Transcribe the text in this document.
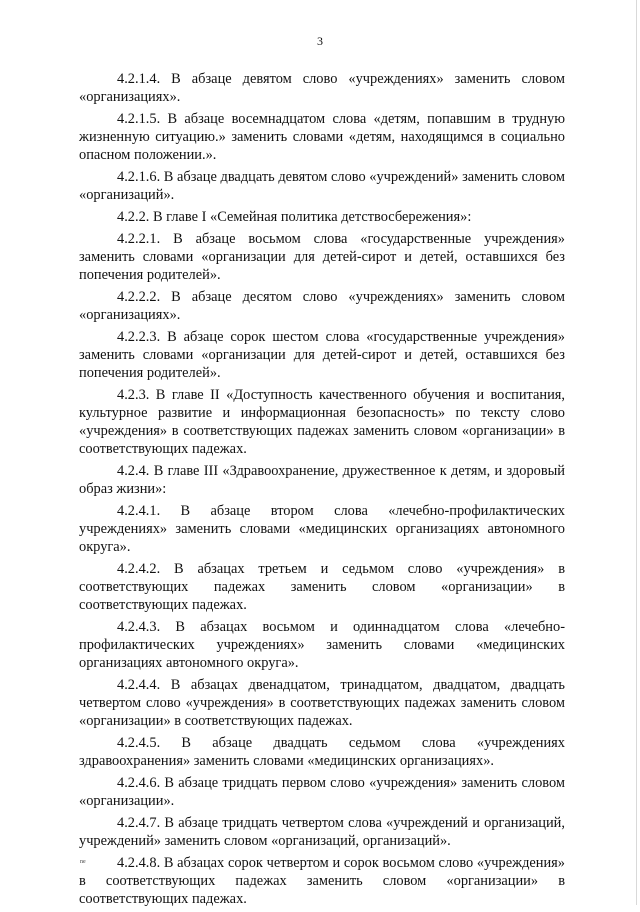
3

4.2.1.4. В абзаце девятом слово «учреждениях» заменить словом «организациях».

4.2.1.5. В абзаце восемнадцатом слова «детям, попавшим в трудную жизненную ситуацию.» заменить словами «детям, находящимся в социально опасном положении.».

4.2.1.6. В абзаце двадцать девятом слово «учреждений» заменить словом «организаций».

4.2.2. В главе I «Семейная политика детствосбережения»:

4.2.2.1. В абзаце восьмом слова «государственные учреждения» заменить словами «организации для детей-сирот и детей, оставшихся без попечения родителей».

4.2.2.2. В абзаце десятом слово «учреждениях» заменить словом «организациях».

4.2.2.3. В абзаце сорок шестом слова «государственные учреждения» заменить словами «организации для детей-сирот и детей, оставшихся без попечения родителей».

4.2.3. В главе II «Доступность качественного обучения и воспитания, культурное развитие и информационная безопасность» по тексту слово «учреждения» в соответствующих падежах заменить словом «организации» в соответствующих падежах.

4.2.4. В главе III «Здравоохранение, дружественное к детям, и здоровый образ жизни»:

4.2.4.1. В абзаце втором слова «лечебно-профилактических учреждениях» заменить словами «медицинских организациях автономного округа».

4.2.4.2. В абзацах третьем и седьмом слово «учреждения» в соответствующих падежах заменить словом «организации» в соответствующих падежах.

4.2.4.3. В абзацах восьмом и одиннадцатом слова «лечебно-профилактических учреждениях» заменить словами «медицинских организациях автономного округа».

4.2.4.4. В абзацах двенадцатом, тринадцатом, двадцатом, двадцать четвертом слово «учреждения» в соответствующих падежах заменить словом «организации» в соответствующих падежах.

4.2.4.5. В абзаце двадцать седьмом слова «учреждениях здравоохранения» заменить словами «медицинских организациях».

4.2.4.6. В абзаце тридцать первом слово «учреждения» заменить словом «организации».

4.2.4.7. В абзаце тридцать четвертом слова «учреждений и организаций, учреждений» заменить словом «организаций, организаций».

4.2.4.8. В абзацах сорок четвертом и сорок восьмом слово «учреждения» в соответствующих падежах заменить словом «организации» в соответствующих падежах.

ne
